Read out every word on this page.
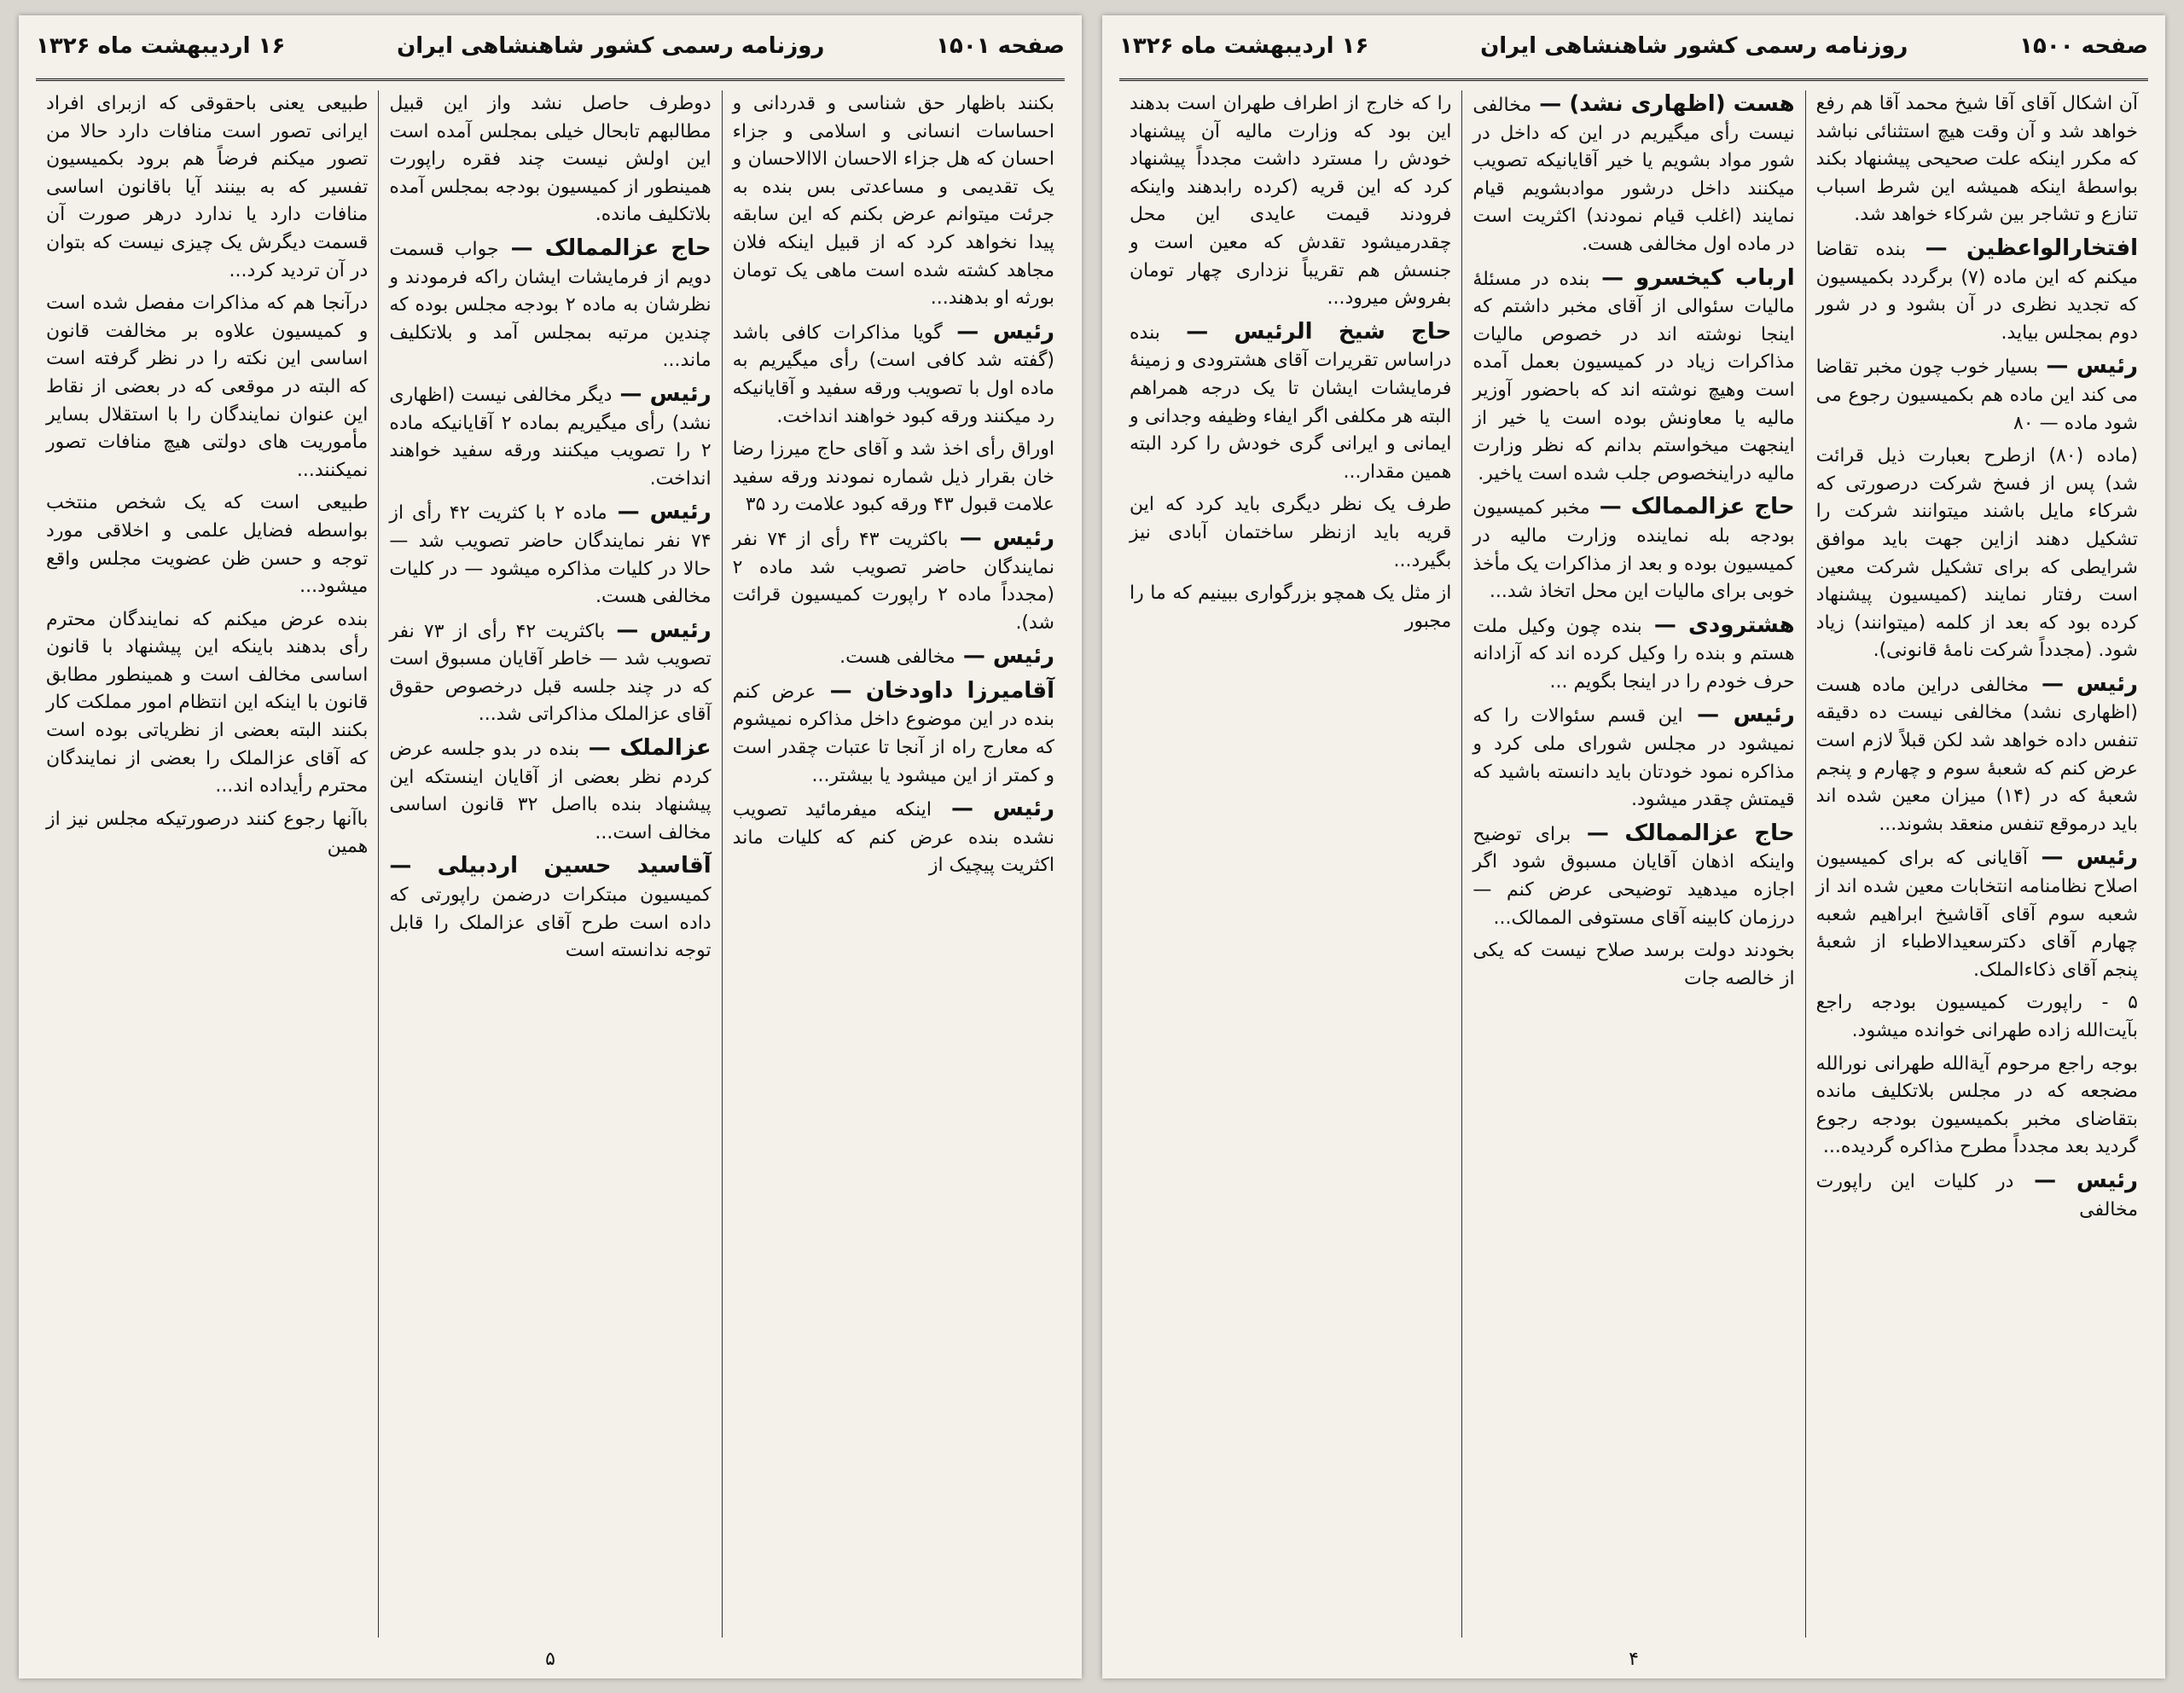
صفحه ۱۵۰۱
روزنامه رسمی کشور شاهنشاهی ایران
۱۶ اردیبهشت ماه ۱۳۲۶

بکنند باظهار حق شناسی و قدردانی و احساسات انسانی و اسلامی و جزاء احسان که هل جزاء الاحسان الاالاحسان و یک تقدیمی و مساعدتی بس بنده به جرئت میتوانم عرض بکنم که این سابقه پیدا نخواهد کرد که از قبیل اینکه فلان مجاهد کشته شده است ماهی یک تومان بورثه او بدهند...

رئیس — گویا مذاکرات کافی باشد (گفته شد کافی است) رأی میگیریم به ماده اول با تصویب ورقه سفید و آقایانیکه رد میکنند ورقه کبود خواهند انداخت.

اوراق رأی اخذ شد و آقای حاج میرزا رضا خان بقرار ذیل شماره نمودند ورقه سفید علامت قبول ۴۳ ورقه کبود علامت رد ۳۵

رئیس — باکثریت ۴۳ رأی از ۷۴ نفر نمایندگان حاضر تصویب شد ماده ۲ (مجدداً ماده ۲ راپورت کمیسیون قرائت شد).

رئیس — مخالفی هست.

آقامیرزا داودخان — عرض کنم بنده در این موضوع داخل مذاکره نمیشوم که معارج راه از آنجا تا عتبات چقدر است و کمتر از این میشود یا بیشتر...

رئیس — اینکه میفرمائید تصویب نشده بنده عرض کنم که کلیات ماند اکثریت پیچیک از

دوطرف حاصل نشد واز این قبیل مطالبهم تابحال خیلی بمجلس آمده است این اولش نیست چند فقره راپورت همینطور از کمیسیون بودجه بمجلس آمده بلاتکلیف مانده.

حاج عزالممالک — جواب قسمت دویم از فرمایشات ایشان راکه فرمودند و نظرشان به ماده ۲ بودجه مجلس بوده که چندین مرتبه بمجلس آمد و بلاتکلیف ماند...

رئیس — دیگر مخالفی نیست (اظهاری نشد) رأی میگیریم بماده ۲ آقایانیکه ماده ۲ را تصویب میکنند ورقه سفید خواهند انداخت.

رئیس — ماده ۲ با کثریت ۴۲ رأی از ۷۴ نفر نمایندگان حاضر تصویب شد — حالا در کلیات مذاکره میشود — در کلیات مخالفی هست.

رئیس — باکثریت ۴۲ رأی از ۷۳ نفر تصویب شد — خاطر آقایان مسبوق است که در چند جلسه قبل درخصوص حقوق آقای عزالملک مذاکراتی شد...

عزالملک — بنده در بدو جلسه عرض کردم نظر بعضی از آقایان اینستکه این پیشنهاد بنده بااصل ۳۲ قانون اساسی مخالف است...

آقاسید حسین اردبیلی — کمیسیون مبتکرات درضمن راپورتی که داده است طرح آقای عزالملک را قابل توجه ندانسته است

طبیعی یعنی باحقوقی که ازبرای افراد ایرانی تصور است منافات دارد حالا من تصور میکنم فرضاً هم برود بکمیسیون تفسیر که به بینند آیا باقانون اساسی منافات دارد یا ندارد درهر صورت آن قسمت دیگرش یک چیزی نیست که بتوان در آن تردید کرد...

درآنجا هم که مذاکرات مفصل شده است و کمیسیون علاوه بر مخالفت قانون اساسی این نکته را در نظر گرفته است که البته در موقعی که در بعضی از نقاط این عنوان نمایندگان را با استقلال بسایر مأموریت های دولتی هیچ منافات تصور نمیکنند...

طبیعی است که یک شخص منتخب بواسطه فضایل علمی و اخلاقی مورد توجه و حسن ظن عضویت مجلس واقع میشود...

بنده عرض میکنم که نمایندگان محترم رأی بدهند باینکه این پیشنهاد با قانون اساسی مخالف است و همینطور مطابق قانون با اینکه این انتظام امور مملکت کار بکنند البته بعضی از نظریاتی بوده است که آقای عزالملک را بعضی از نمایندگان محترم رأیداده اند...

باآنها رجوع کنند درصورتیکه مجلس نیز از همین

۵
صفحه ۱۵۰۰
روزنامه رسمی کشور شاهنشاهی ایران
۱۶ اردیبهشت ماه ۱۳۲۶

آن اشکال آقای آقا شیخ محمد آقا هم رفع خواهد شد و آن وقت هیچ استثنائی نباشد که مکرر اینکه علت صحیحی پیشنهاد بکند بواسطهٔ اینکه همیشه این شرط اسباب تنازع و تشاجر بین شرکاء خواهد شد.

افتخارالواعظین — بنده تقاضا میکنم که این ماده (۷) برگردد بکمیسیون که تجدید نظری در آن بشود و در شور دوم بمجلس بیاید.

رئیس — بسیار خوب چون مخبر تقاضا می کند این ماده هم بکمیسیون رجوع می شود ماده — ۸۰

(ماده (۸۰) ازطرح بعبارت ذیل قرائت شد) پس از فسخ شرکت درصورتی که شرکاء مایل باشند میتوانند شرکت را تشکیل دهند ازاین جهت باید موافق شرایطی که برای تشکیل شرکت معین است رفتار نمایند (کمیسیون پیشنهاد کرده بود که بعد از کلمه (میتوانند) زیاد شود. (مجدداً شرکت نامهٔ قانونی).

رئیس — مخالفی دراین ماده هست (اظهاری نشد) مخالفی نیست ده دقیقه تنفس داده خواهد شد لکن قبلاً لازم است عرض کنم که شعبهٔ سوم و چهارم و پنجم شعبهٔ که در (۱۴) میزان معین شده اند باید درموقع تنفس منعقد بشوند...

رئیس — آقایانی که برای کمیسیون اصلاح نظامنامه انتخابات معین شده اند از شعبه سوم آقای آقاشیخ ابراهیم شعبه چهارم آقای دکترسعیدالاطباء از شعبهٔ پنجم آقای ذکاءالملک.

۵ - راپورت کمیسیون بودجه راجع بآیت‌الله زاده طهرانی خوانده میشود.

بوجه راجع مرحوم آیةالله طهرانی نورالله مضجعه که در مجلس بلاتکلیف مانده بتقاضای مخبر بکمیسیون بودجه رجوع گردید بعد مجدداً مطرح مذاکره گردیده...

رئیس — در کلیات این راپورت مخالفی

هست (اظهاری نشد) — مخالفی نیست رأی میگیریم در این که داخل در شور مواد بشویم یا خیر آقایانیکه تصویب میکنند داخل درشور موادبشویم قیام نمایند (اغلب قیام نمودند) اکثریت است در ماده اول مخالفی هست.

ارباب کیخسرو — بنده در مسئلهٔ مالیات سئوالی از آقای مخبر داشتم که اینجا نوشته اند در خصوص مالیات مذاکرات زیاد در کمیسیون بعمل آمده است وهیچ نوشته اند که باحضور آوزیر مالیه یا معاونش بوده است یا خیر از اینجهت میخواستم بدانم که نظر وزارت مالیه دراینخصوص جلب شده است یاخیر.

حاج عزالممالک — مخبر کمیسیون بودجه بله نماینده وزارت مالیه در کمیسیون بوده و بعد از مذاکرات یک مأخذ خوبی برای مالیات این محل اتخاذ شد...

هشترودی — بنده چون وکیل ملت هستم و بنده را وکیل کرده اند که آزادانه حرف خودم را در اینجا بگویم ...

رئیس — این قسم سئوالات را که نمیشود در مجلس شورای ملی کرد و مذاکره نمود خودتان باید دانسته باشید که قیمتش چقدر میشود.

حاج عزالممالک — برای توضیح واینکه اذهان آقایان مسبوق شود اگر اجازه میدهید توضیحی عرض کنم — درزمان کابینه آقای مستوفی الممالک...

بخودند دولت برسد صلاح نیست که یکی از خالصه جات

را که خارج از اطراف طهران است بدهند این بود که وزارت مالیه آن پیشنهاد خودش را مسترد داشت مجدداً پیشنهاد کرد که این قریه (کرده رابدهند واینکه فرودند قیمت عایدی این محل چقدرمیشود تقدش که معین است و جنسش هم تقریباً نزداری چهار تومان بفروش میرود...

حاج شیخ الرئیس — بنده دراساس تقریرات آقای هشترودی و زمینهٔ فرمایشات ایشان تا یک درجه همراهم البته هر مکلفی اگر ایفاء وظیفه وجدانی و ایمانی و ایرانی گری خودش را کرد البته همین مقدار...

طرف یک نظر دیگری باید کرد که این قریه باید ازنظر ساختمان آبادی نیز بگیرد...

از مثل یک همچو بزرگواری ببینیم که ما را مجبور

۴
